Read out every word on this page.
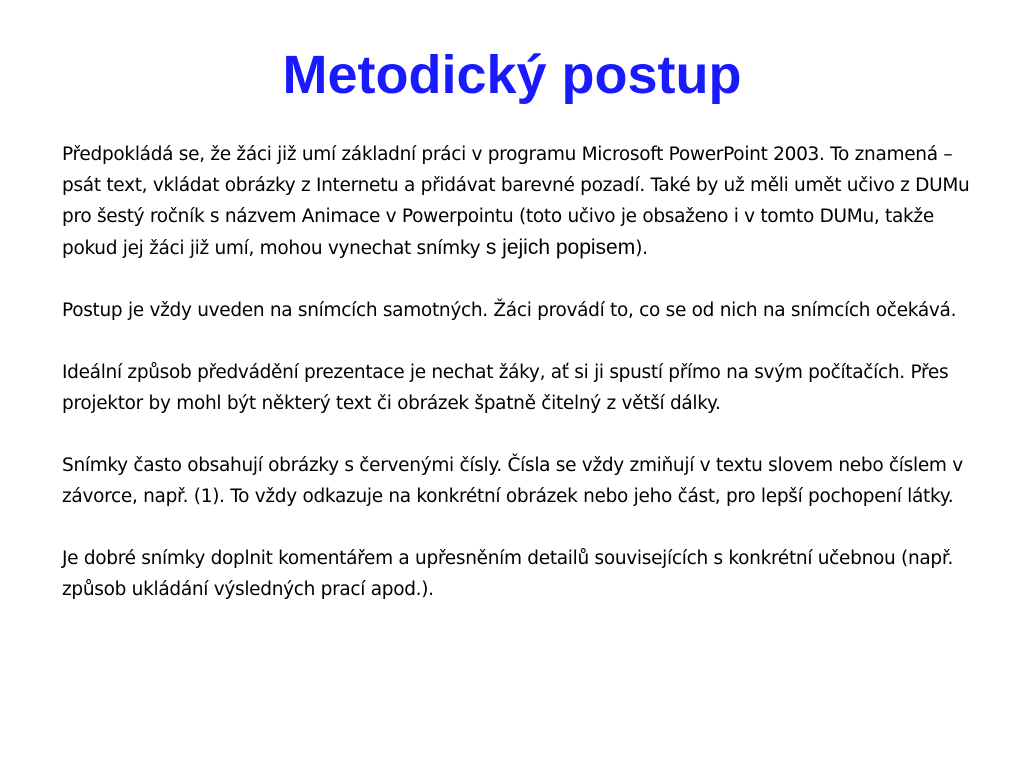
Metodický postup

Předpokládá se, že žáci již umí základní práci v programu Microsoft PowerPoint 2003. To znamená – psát text, vkládat obrázky z Internetu a přidávat barevné pozadí. Také by už měli umět učivo z DUMu pro šestý ročník s názvem Animace v Powerpointu (toto učivo je obsaženo i v tomto DUMu, takže pokud jej žáci již umí, mohou vynechat snímky s jejich popisem).

Postup je vždy uveden na snímcích samotných. Žáci provádí to, co se od nich na snímcích očekává.

Ideální způsob předvádění prezentace je nechat žáky, ať si ji spustí přímo na svým počítačích. Přes projektor by mohl být některý text či obrázek špatně čitelný z větší dálky.

Snímky často obsahují obrázky s červenými čísly. Čísla se vždy zmiňují v textu slovem nebo číslem v závorce, např. (1). To vždy odkazuje na konkrétní obrázek nebo jeho část, pro lepší pochopení látky.

Je dobré snímky doplnit komentářem a upřesněním detailů souvisejících s konkrétní učebnou (např. způsob ukládání výsledných prací apod.).
